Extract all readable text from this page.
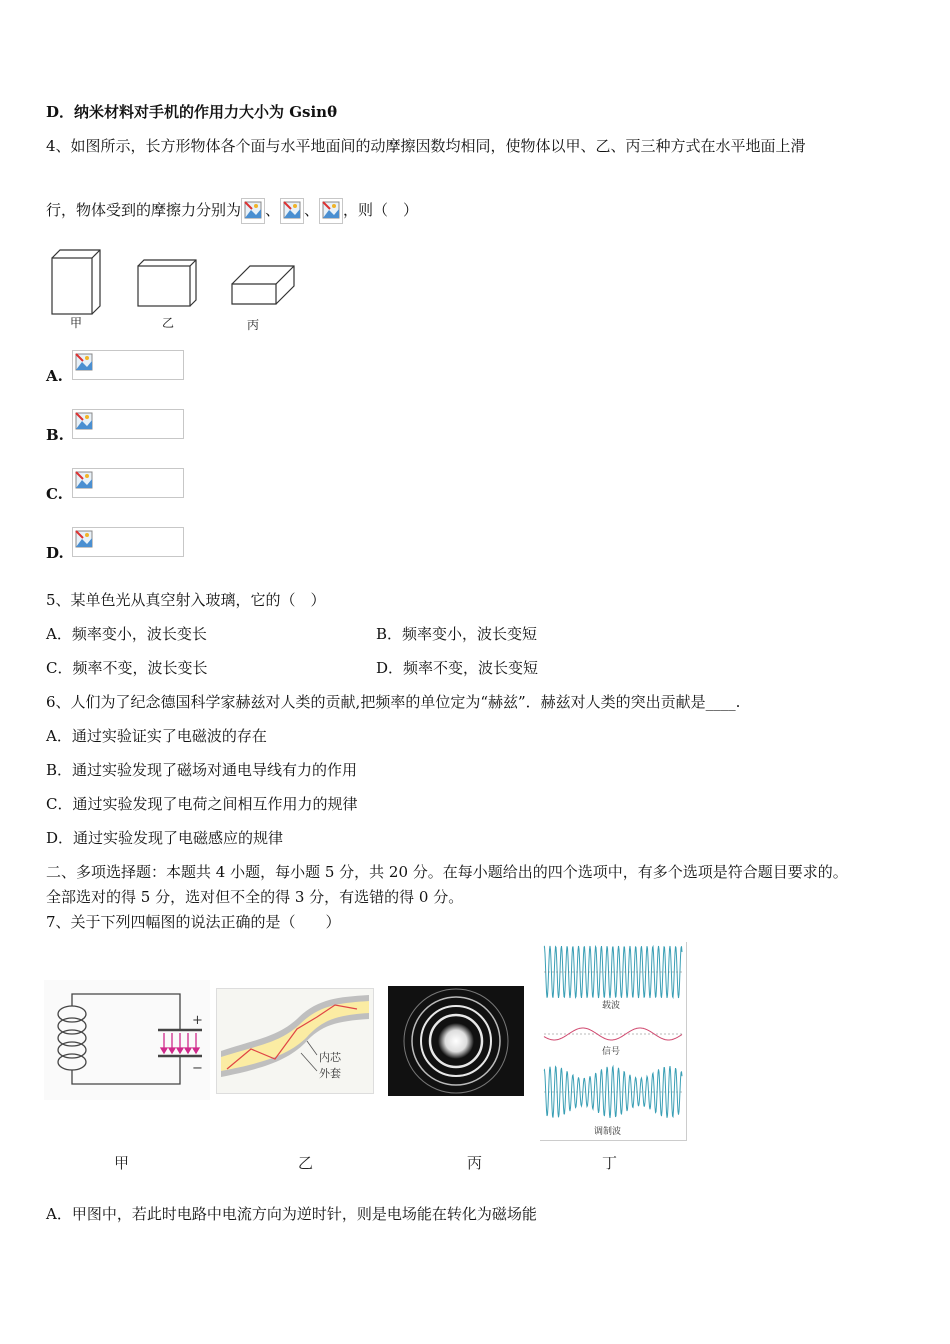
D．纳米材料对手机的作用力大小为 Gsinθ
4、如图所示，长方形物体各个面与水平地面间的动摩擦因数均相同，使物体以甲、乙、丙三种方式在水平地面上滑
行，物体受到的摩擦力分别为 、 、 ，则（　）
甲	乙	丙
A.
B.
C.
D.
5、某单色光从真空射入玻璃，它的（　）
A．频率变小，波长变长	B．频率变小，波长变短
C．频率不变，波长变长	D．频率不变，波长变短
6、人们为了纪念德国科学家赫兹对人类的贡献,把频率的单位定为“赫兹”．赫兹对人类的突出贡献是____.
A．通过实验证实了电磁波的存在
B．通过实验发现了磁场对通电导线有力的作用
C．通过实验发现了电荷之间相互作用力的规律
D．通过实验发现了电磁感应的规律
二、多项选择题：本题共 4 小题，每小题 5 分，共 20 分。在每小题给出的四个选项中，有多个选项是符合题目要求的。
全部选对的得 5 分，选对但不全的得 3 分，有选错的得 0 分。
7、关于下列四幅图的说法正确的是（　　）
+
−
内芯
外套
载波
信号
调制波
甲	乙	丙	丁
A．甲图中，若此时电路中电流方向为逆时针，则是电场能在转化为磁场能
